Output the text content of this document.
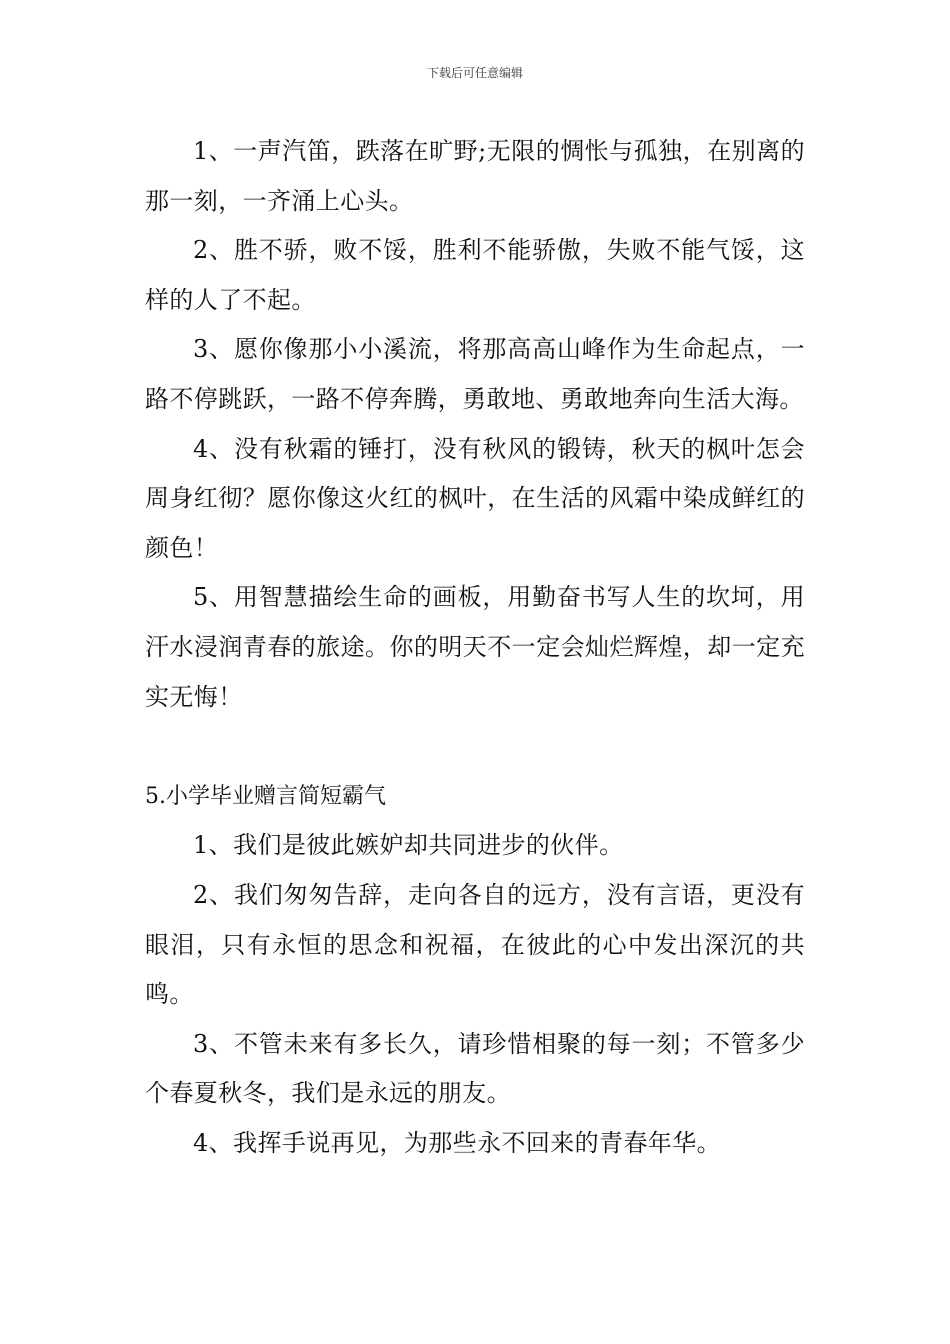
下载后可任意编辑

1、一声汽笛，跌落在旷野;无限的惆怅与孤独，在别离的那一刻，一齐涌上心头。

2、胜不骄，败不馁，胜利不能骄傲，失败不能气馁，这样的人了不起。

3、愿你像那小小溪流，将那高高山峰作为生命起点，一路不停跳跃，一路不停奔腾，勇敢地、勇敢地奔向生活大海。

4、没有秋霜的锤打，没有秋风的锻铸，秋天的枫叶怎会周身红彻？愿你像这火红的枫叶，在生活的风霜中染成鲜红的颜色！

5、用智慧描绘生命的画板，用勤奋书写人生的坎坷，用汗水浸润青春的旅途。你的明天不一定会灿烂辉煌，却一定充实无悔！

5.小学毕业赠言简短霸气

1、我们是彼此嫉妒却共同进步的伙伴。

2、我们匆匆告辞，走向各自的远方，没有言语，更没有眼泪，只有永恒的思念和祝福，在彼此的心中发出深沉的共鸣。

3、不管未来有多长久，请珍惜相聚的每一刻；不管多少个春夏秋冬，我们是永远的朋友。

4、我挥手说再见，为那些永不回来的青春年华。
